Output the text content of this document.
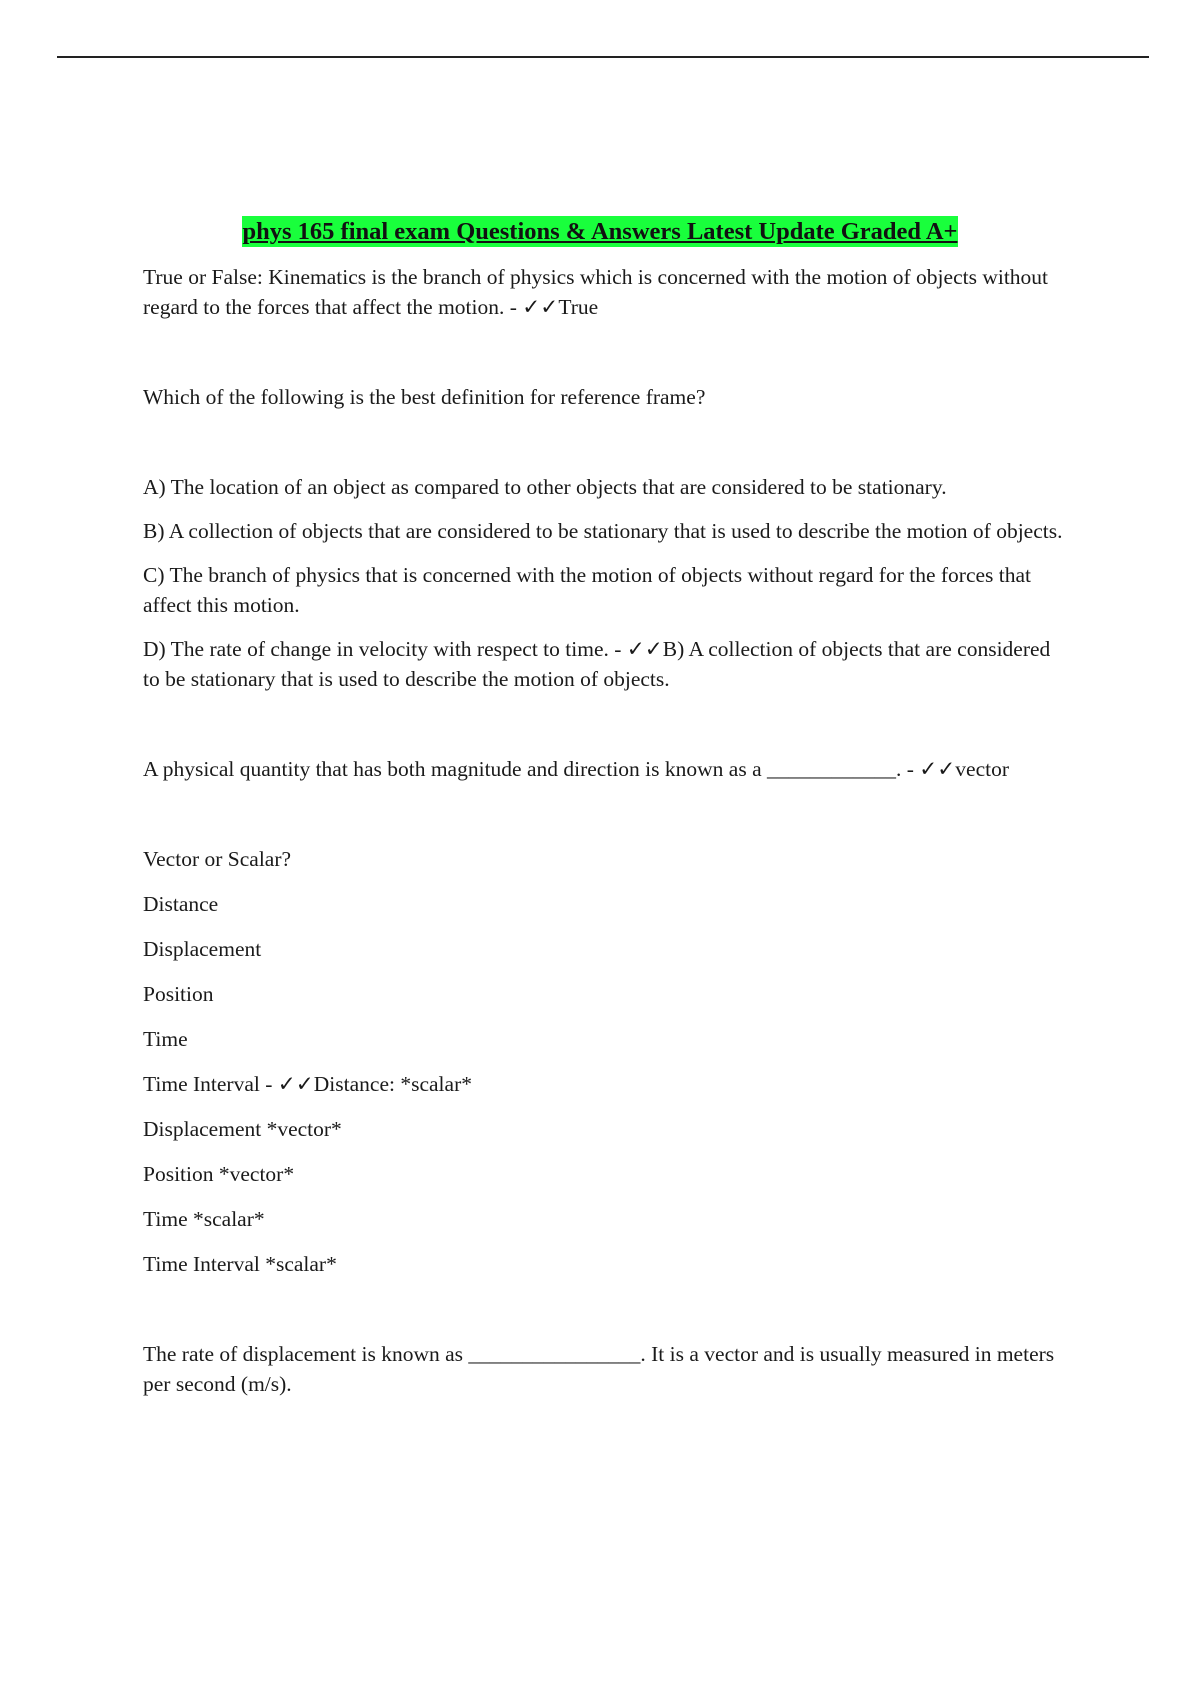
phys 165 final exam Questions & Answers Latest Update Graded A+

True or False: Kinematics is the branch of physics which is concerned with the motion of objects without regard to the forces that affect the motion. - ✓✓True

Which of the following is the best definition for reference frame?

A) The location of an object as compared to other objects that are considered to be stationary.

B) A collection of objects that are considered to be stationary that is used to describe the motion of objects.

C) The branch of physics that is concerned with the motion of objects without regard for the forces that affect this motion.

D) The rate of change in velocity with respect to time. - ✓✓B) A collection of objects that are considered to be stationary that is used to describe the motion of objects.

A physical quantity that has both magnitude and direction is known as a ____________. - ✓✓vector

Vector or Scalar?

Distance

Displacement

Position

Time

Time Interval - ✓✓Distance: *scalar*

Displacement *vector*

Position *vector*

Time *scalar*

Time Interval *scalar*

The rate of displacement is known as ________________. It is a vector and is usually measured in meters per second (m/s).
